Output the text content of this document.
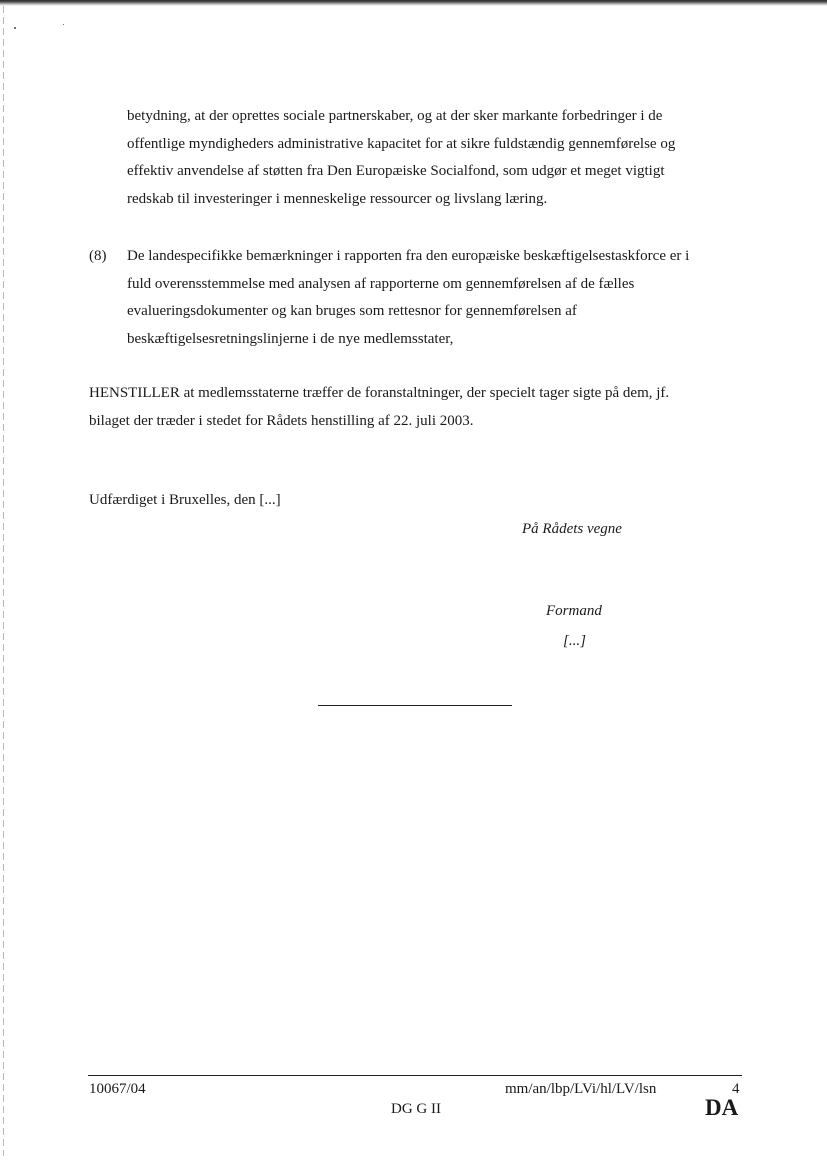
betydning, at der oprettes sociale partnerskaber, og at der sker markante forbedringer i de
offentlige myndigheders administrative kapacitet for at sikre fuldstændig gennemførelse og
effektiv anvendelse af støtten fra Den Europæiske Socialfond, som udgør et meget vigtigt
redskab til investeringer i menneskelige ressourcer og livslang læring.
(8) De landespecifikke bemærkninger i rapporten fra den europæiske beskæftigelsestaskforce er i
fuld overensstemmelse med analysen af rapporterne om gennemførelsen af de fælles
evalueringsdokumenter og kan bruges som rettesnor for gennemførelsen af
beskæftigelsesretningslinjerne i de nye medlemsstater,
HENSTILLER at medlemsstaterne træffer de foranstaltninger, der specielt tager sigte på dem, jf.
bilaget der træder i stedet for Rådets henstilling af 22. juli 2003.
Udfærdiget i Bruxelles, den [...]
På Rådets vegne
Formand
[...]
10067/04	mm/an/lbp/LVi/hl/LV/lsn	4
DG G II	DA
